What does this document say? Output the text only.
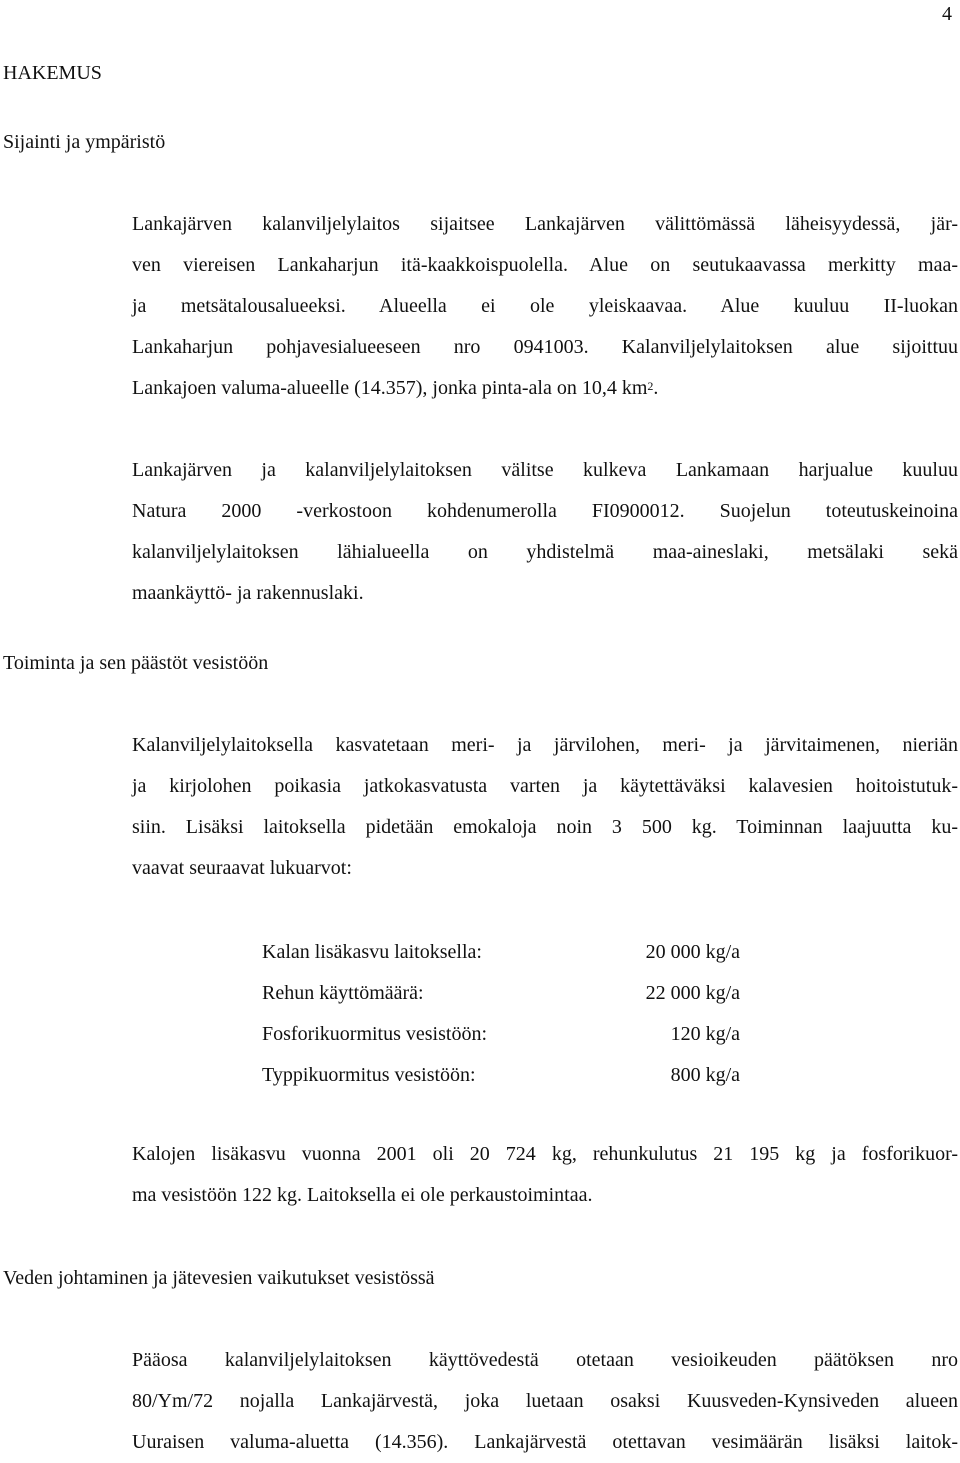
4
HAKEMUS
Sijainti ja ympäristö

Lankajärven kalanviljelylaitos sijaitsee Lankajärven välittömässä läheisyydessä, jär-
ven viereisen Lankaharjun itä-kaakkoispuolella. Alue on seutukaavassa merkitty maa-
ja metsätalousalueeksi. Alueella ei ole yleiskaavaa. Alue kuuluu II-luokan
Lankaharjun pohjavesialueeseen nro 0941003. Kalanviljelylaitoksen alue sijoittuu
Lankajoen valuma-alueelle (14.357), jonka pinta-ala on 10,4 $km^2$.

Lankajärven ja kalanviljelylaitoksen välitse kulkeva Lankamaan harjualue kuuluu
Natura 2000 -verkostoon kohdenumerolla FI0900012. Suojelun toteutuskeinoina
kalanviljelylaitoksen lähialueella on yhdistelmä maa-aineslaki, metsälaki sekä
maankäyttö- ja rakennuslaki.

Toiminta ja sen päästöt vesistöön

Kalanviljelylaitoksella kasvatetaan meri- ja järvilohen, meri- ja järvitaimenen, nieriän
ja kirjolohen poikasia jatkokasvatusta varten ja käytettäväksi kalavesien hoitoistutuk-
siin. Lisäksi laitoksella pidetään emokaloja noin 3 500 kg. Toiminnan laajuutta ku-
vaavat seuraavat lukuarvot:

Kalan lisäkasvu laitoksella:	20 000 kg/a
Rehun käyttömäärä:	22 000 kg/a
Fosforikuormitus vesistöön:	120 kg/a
Typpikuormitus vesistöön:	800 kg/a

Kalojen lisäkasvu vuonna 2001 oli 20 724 kg, rehunkulutus 21 195 kg ja fosforikuor-
ma vesistöön 122 kg. Laitoksella ei ole perkaustoimintaa.

Veden johtaminen ja jätevesien vaikutukset vesistössä

Pääosa kalanviljelylaitoksen käyttövedestä otetaan vesioikeuden päätöksen nro
80/Ym/72 nojalla Lankajärvestä, joka luetaan osaksi Kuusveden-Kynsiveden alueen
Uuraisen valuma-aluetta (14.356). Lankajärvestä otettavan vesimäärän lisäksi laitok-
